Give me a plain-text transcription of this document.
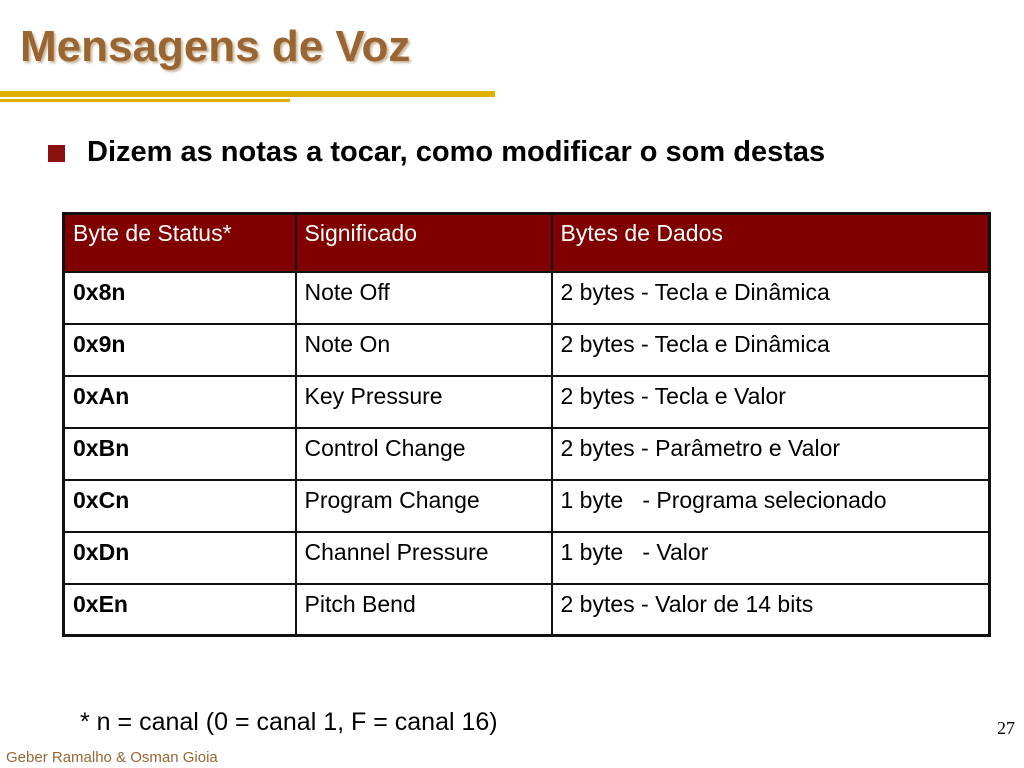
Mensagens de Voz
Dizem as notas a tocar, como modificar o som destas
Byte de Status*	Significado	Bytes de Dados
0x8n	Note Off	2 bytes - Tecla e Dinâmica
0x9n	Note On	2 bytes - Tecla e Dinâmica
0xAn	Key Pressure	2 bytes - Tecla e Valor
0xBn	Control Change	2 bytes - Parâmetro e Valor
0xCn	Program Change	1 byte   - Programa selecionado
0xDn	Channel Pressure	1 byte   - Valor
0xEn	Pitch Bend	2 bytes - Valor de 14 bits
* n = canal (0 = canal 1, F = canal 16)	27
Geber Ramalho & Osman Gioia
